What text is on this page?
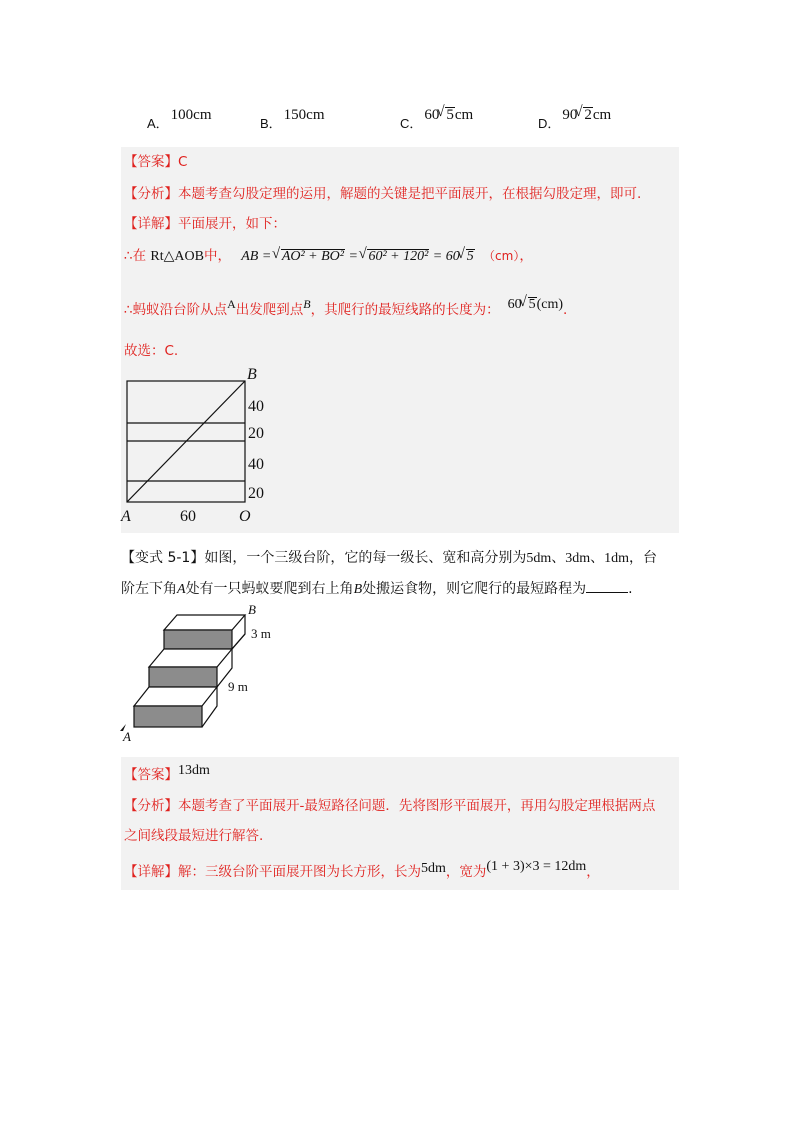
A．100cm
B．150cm
C．60 √ 5cm
D．90 √ 2cm
【答案】C
【分析】本题考查勾股定理的运用，解题的关键是把平面展开，在根据勾股定理，即可.
【详解】平面展开，如下：
∴在 Rt△AOB中， AB = √ AO² + BO² = √ 60² + 120² = 60 √ 5 （cm），
∴蚂蚁沿台阶从点A出发爬到点B，其爬行的最短线路的长度为： 60 √ 5(cm).
故选：C.
B
40
20
40
20
A	60	O
【变式 5-1】如图，一个三级台阶，它的每一级长、宽和高分别为5dm、3dm、1dm，台
阶左下角A处有一只蚂蚁要爬到右上角B处搬运食物，则它爬行的最短路程为	.
B
3 m
9 m
A
【答案】13dm
【分析】本题考查了平面展开-最短路径问题．先将图形平面展开，再用勾股定理根据两点
之间线段最短进行解答.
【详解】解：三级台阶平面展开图为长方形，长为5dm，宽为(1 + 3)×3 = 12dm，
